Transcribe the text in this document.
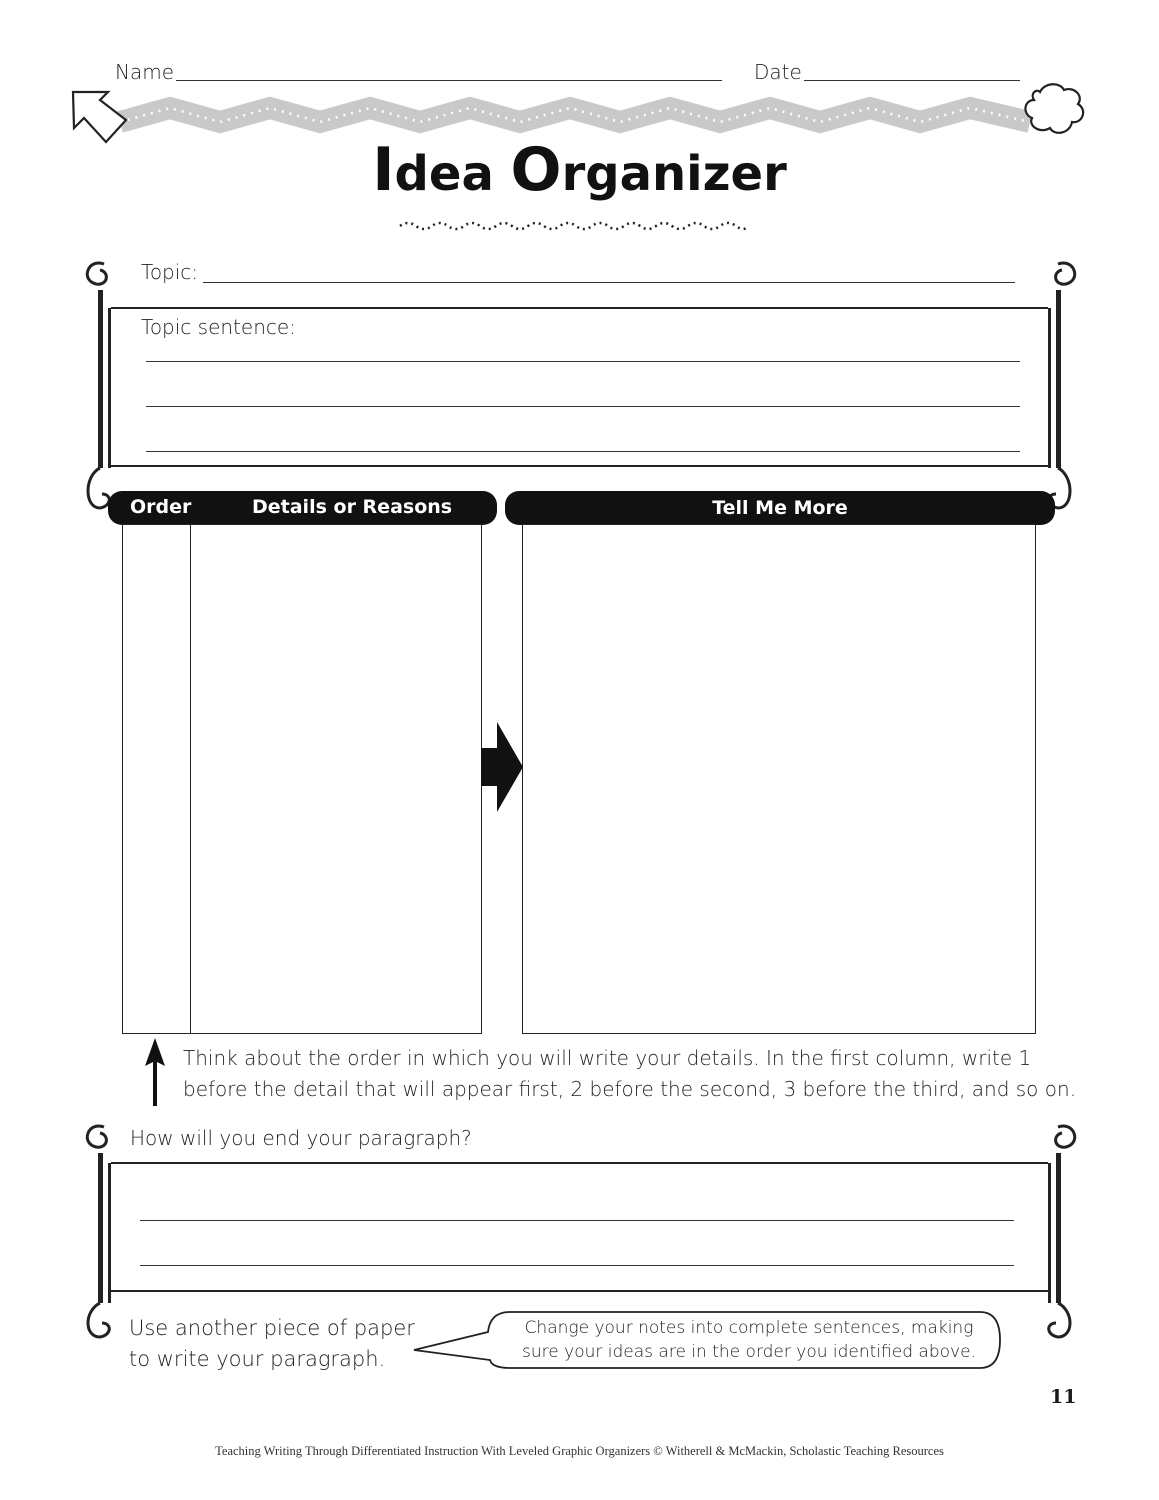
Name	Date
Idea Organizer
Topic:
Topic sentence:
Order	Details or Reasons	Tell Me More
Think about the order in which you will write your details. In the first column, write 1
before the detail that will appear first, 2 before the second, 3 before the third, and so on.
How will you end your paragraph?
Use another piece of paper
to write your paragraph.
Change your notes into complete sentences, making
sure your ideas are in the order you identified above.
11
Teaching Writing Through Differentiated Instruction With Leveled Graphic Organizers © Witherell & McMackin, Scholastic Teaching Resources
